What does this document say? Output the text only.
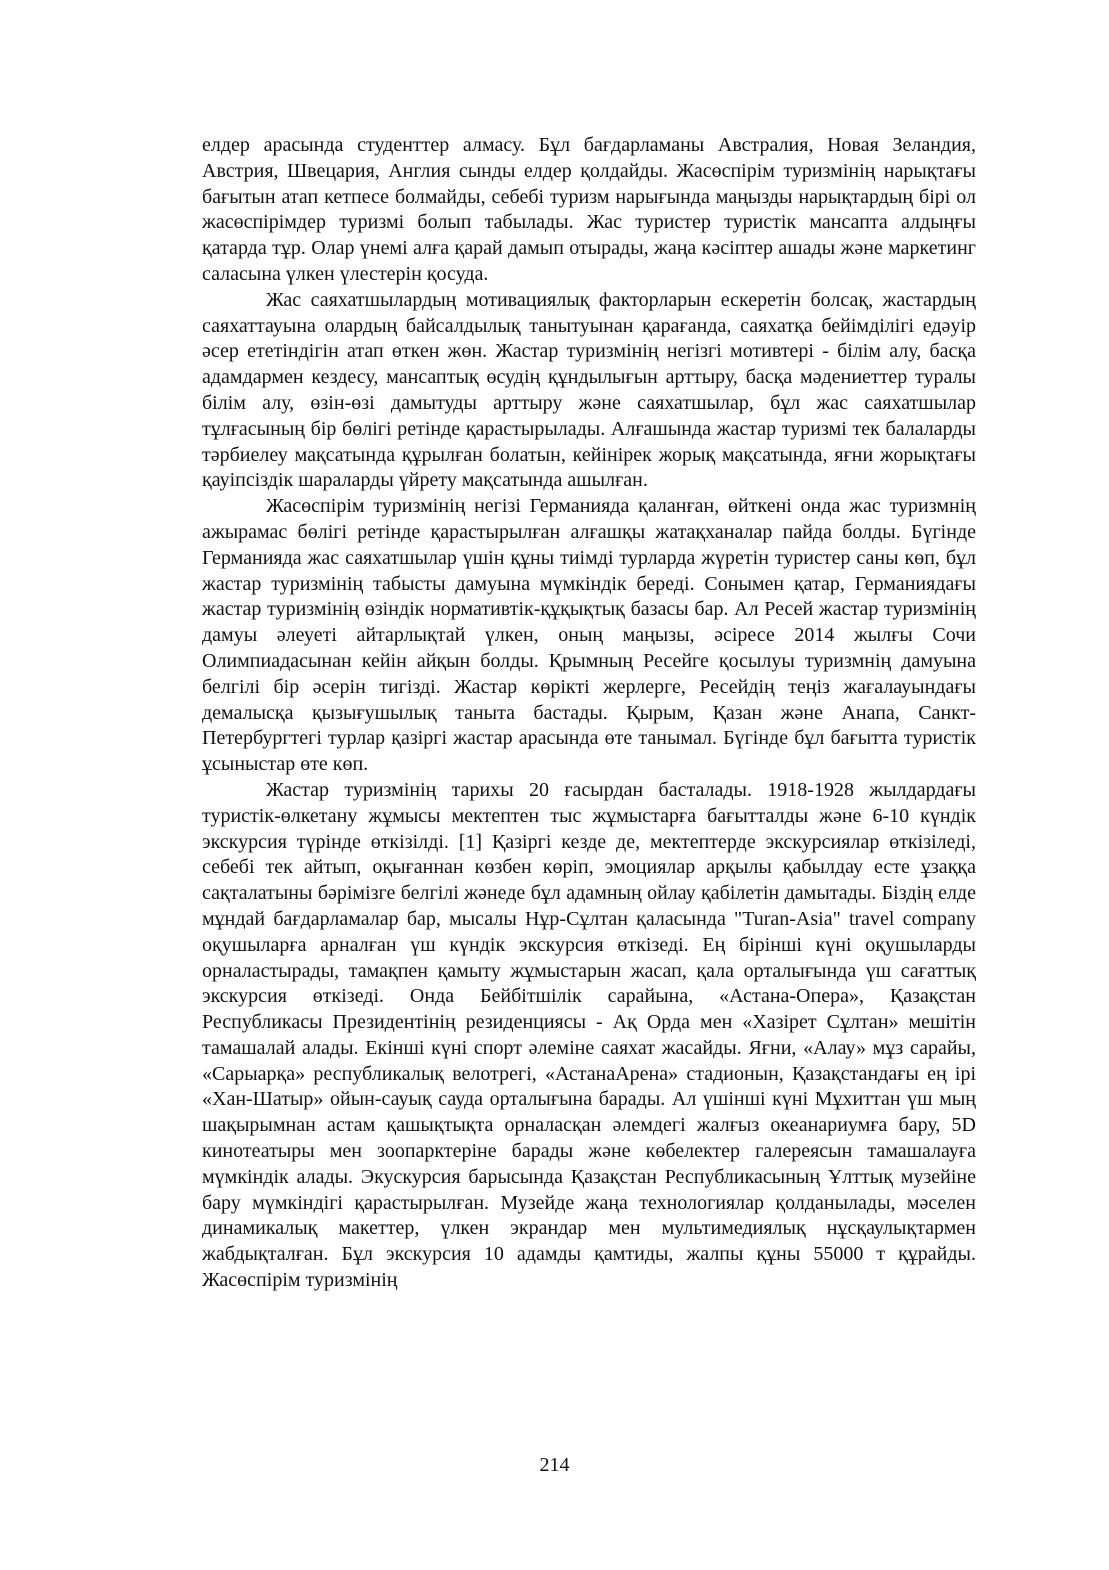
елдер арасында студенттер алмасу. Бұл бағдарламаны Австралия, Новая Зеландия, Австрия, Швецария, Англия сынды елдер қолдайды. Жасөспірім туризмінің нарықтағы бағытын атап кетпесе болмайды, себебі туризм нарығында маңызды нарықтардың бірі ол жасөспірімдер туризмі болып табылады. Жас туристер туристік мансапта алдыңғы қатарда тұр. Олар үнемі алға қарай дамып отырады, жаңа кәсіптер ашады және маркетинг саласына үлкен үлестерін қосуда.

Жас саяхатшылардың мотивациялық факторларын ескеретін болсақ, жастардың саяхаттауына олардың байсалдылық танытуынан қарағанда, саяхатқа бейімділігі едәуір әсер ететіндігін атап өткен жөн. Жастар туризмінің негізгі мотивтері - білім алу, басқа адамдармен кездесу, мансаптық өсудің құндылығын арттыру, басқа мәдениеттер туралы білім алу, өзін-өзі дамытуды арттыру және саяхатшылар, бұл жас саяхатшылар тұлғасының бір бөлігі ретінде қарастырылады. Алғашында жастар туризмі тек балаларды тәрбиелеу мақсатында құрылған болатын, кейінірек жорық мақсатында, яғни жорықтағы қауіпсіздік шараларды үйрету мақсатында ашылған.

Жасөспірім туризмінің негізі Германияда қаланған, өйткені онда жас туризмнің ажырамас бөлігі ретінде қарастырылған алғашқы жатақханалар пайда болды. Бүгінде Германияда жас саяхатшылар үшін құны тиімді турларда жүретін туристер саны көп, бұл жастар туризмінің табысты дамуына мүмкіндік береді. Сонымен қатар, Германиядағы жастар туризмінің өзіндік нормативтік-құқықтық базасы бар. Ал Ресей жастар туризмінің дамуы әлеуеті айтарлықтай үлкен, оның маңызы, әсіресе 2014 жылғы Сочи Олимпиадасынан кейін айқын болды. Қрымның Ресейге қосылуы туризмнің дамуына белгілі бір әсерін тигізді. Жастар көрікті жерлерге, Ресейдің теңіз жағалауындағы демалысқа қызығушылық таныта бастады. Қырым, Қазан және Анапа, Санкт-Петербургтегі турлар қазіргі жастар арасында өте танымал. Бүгінде бұл бағытта туристік ұсыныстар өте көп.

Жастар туризмінің тарихы 20 ғасырдан басталады. 1918-1928 жылдардағы туристік-өлкетану жұмысы мектептен тыс жұмыстарға бағытталды және 6-10 күндік экскурсия түрінде өткізілді. [1] Қазіргі кезде де, мектептерде экскурсиялар өткізіледі, себебі тек айтып, оқығаннан көзбен көріп, эмоциялар арқылы қабылдау есте ұзаққа сақталатыны бәрімізге белгілі жәнеде бұл адамның ойлау қабілетін дамытады. Біздің елде мұндай бағдарламалар бар, мысалы Нұр-Сұлтан қаласында "Turan-Asia" travel company оқушыларға арналған үш күндік экскурсия өткізеді. Ең бірінші күні оқушыларды орналастырады, тамақпен қамыту жұмыстарын жасап, қала орталығында үш сағаттық экскурсия өткізеді. Онда Бейбітшілік сарайына, «Астана-Опера», Қазақстан Республикасы Президентінің резиденциясы - Ақ Орда мен «Хазірет Сұлтан» мешітін тамашалай алады. Екінші күні спорт әлеміне саяхат жасайды. Яғни, «Алау» мұз сарайы, «Сарыарқа» республикалық велотрегі, «АстанаАрена» стадионын, Қазақстандағы ең ірі «Хан-Шатыр» ойын-сауық сауда орталығына барады. Ал үшінші күні Мұхиттан үш мың шақырымнан астам қашықтықта орналасқан әлемдегі жалғыз океанариумға бару, 5D кинотеатыры мен зоопарктеріне барады және көбелектер галереясын тамашалауға мүмкіндік алады. Экускурсия барысында Қазақстан Республикасының Ұлттық музейіне бару мүмкіндігі қарастырылған. Музейде жаңа технологиялар қолданылады, мәселен динамикалық макеттер, үлкен экрандар мен мультимедиялық нұсқаулықтармен жабдықталған. Бұл экскурсия 10 адамды қамтиды, жалпы құны 55000 т құрайды. Жасөспірім туризмінің

214
